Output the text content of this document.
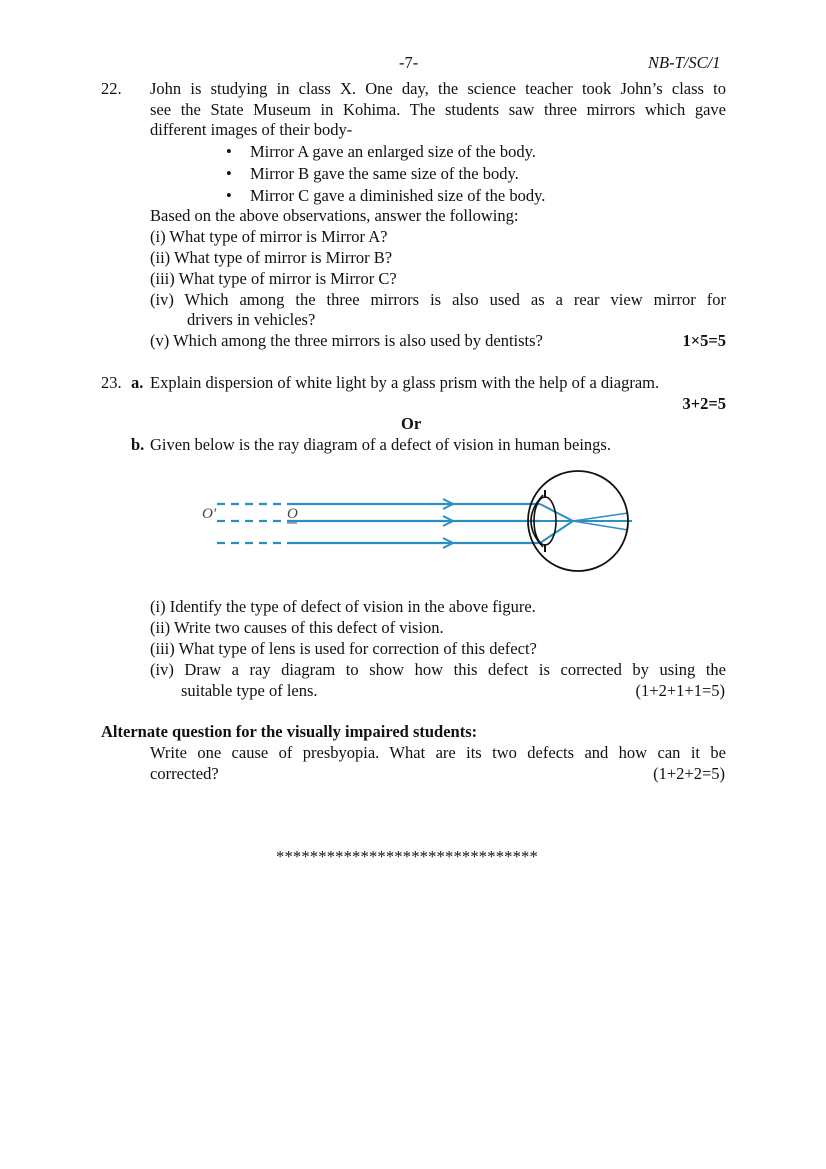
-7-	NB-T/SC/1
22. John is studying in class X. One day, the science teacher took John’s class to
see the State Museum in Kohima. The students saw three mirrors which gave
different images of their body-
• Mirror A gave an enlarged size of the body.
• Mirror B gave the same size of the body.
• Mirror C gave a diminished size of the body.
Based on the above observations, answer the following:
(i) What type of mirror is Mirror A?
(ii) What type of mirror is Mirror B?
(iii) What type of mirror is Mirror C?
(iv) Which among the three mirrors is also used as a rear view mirror for
drivers in vehicles?
(v) Which among the three mirrors is also used by dentists?	1×5=5
23. a. Explain dispersion of white light by a glass prism with the help of a diagram.
3+2=5
Or
b. Given below is the ray diagram of a defect of vision in human beings.
O'	O
(i) Identify the type of defect of vision in the above figure.
(ii) Write two causes of this defect of vision.
(iii) What type of lens is used for correction of this defect?
(iv) Draw a ray diagram to show how this defect is corrected by using the
suitable type of lens.	(1+2+1+1=5)
Alternate question for the visually impaired students:
Write one cause of presbyopia. What are its two defects and how can it be
corrected?	(1+2+2=5)
*******************************
